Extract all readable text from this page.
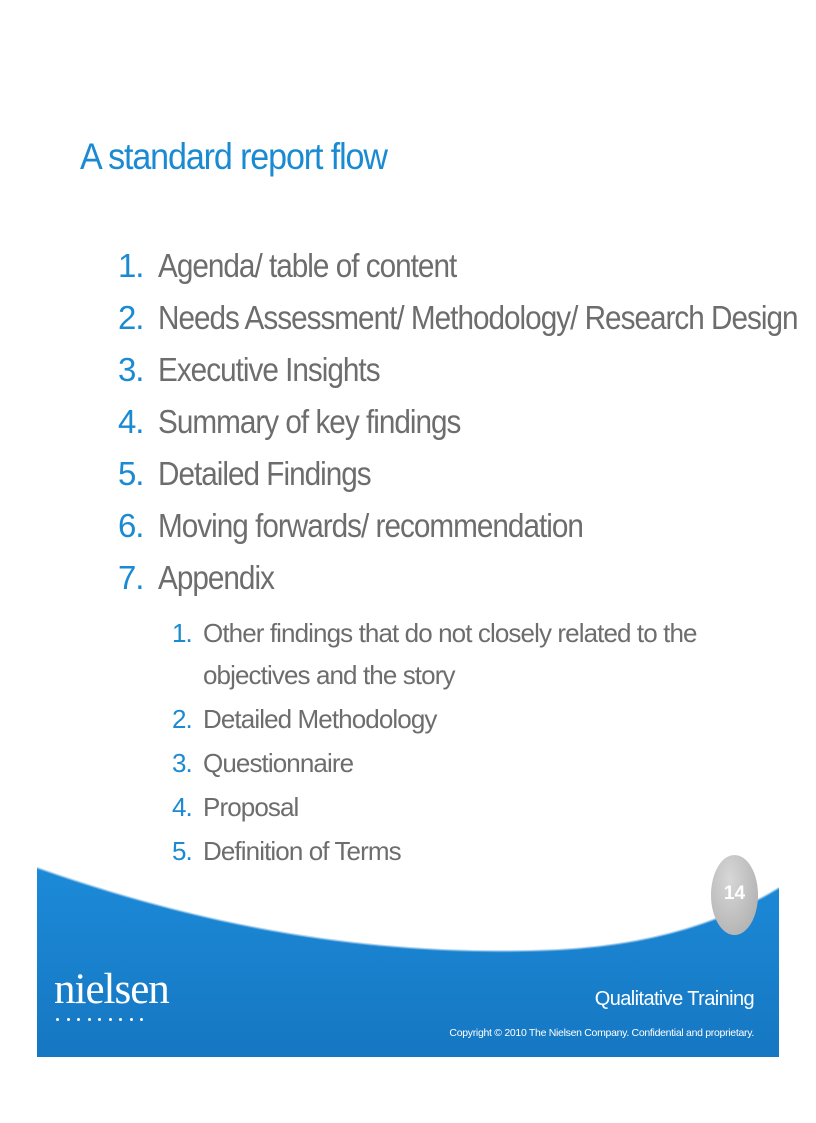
A standard report flow
1. Agenda/ table of content
2. Needs Assessment/ Methodology/ Research Design
3. Executive Insights
4. Summary of key findings
5. Detailed Findings
6. Moving forwards/ recommendation
7. Appendix
1. Other findings that do not closely related to the objectives and the story
2. Detailed Methodology
3. Questionnaire
4. Proposal
5. Definition of Terms
14
nielsen	Qualitative Training
Copyright © 2010 The Nielsen Company. Confidential and proprietary.
